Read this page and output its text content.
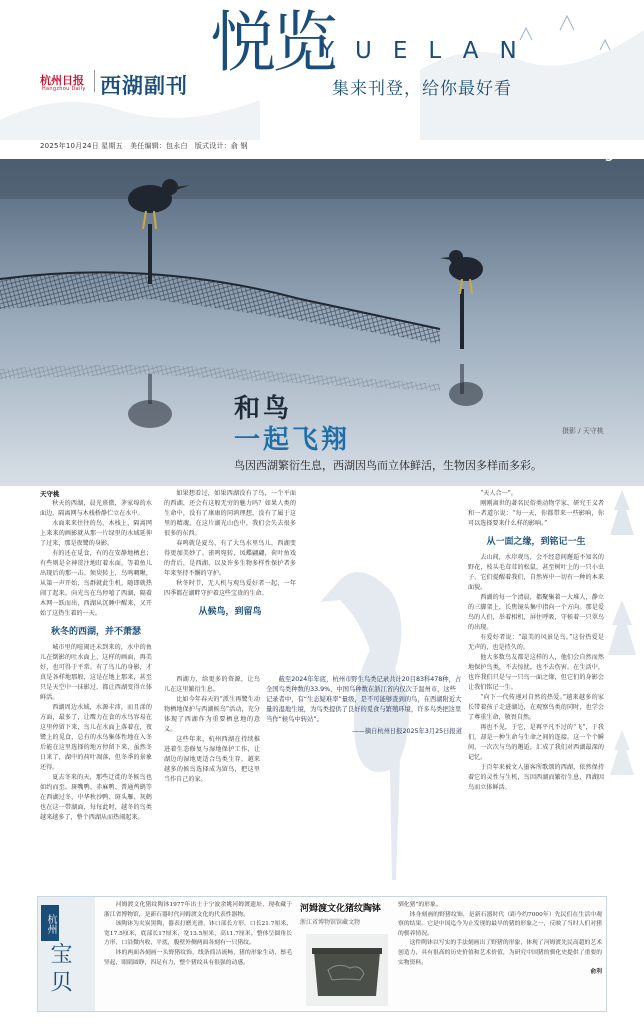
杭州日报
Hangzhou Daily 西湖副刊
悦览
YUELAN
集来刊登，给你最好看
2025年10月24日 星期五　美任编辑：包永白　版式设计：俞 钢	9
摄影 / 天守桃
和鸟
一起飞翔
鸟因西湖繁衍生息，西湖因鸟而立体鲜活，生物因多样而多彩。
天守桃

秋天的西湖，晨光熹微，茅家埠的水面边，隔离网与木栈桥静伫立在水中。

水面来来往往的鸟，木栈上，隔离网上来来的画影就从那一片绿里的水域延伸了过来，那是夜鹭的身影。

有的还在觅食，有的在安静地栖息；有些则是全神贯注地盯着水面，等着鱼儿出现后的那一击。须臾转上，鸟鸣啁啾，从第一声开始，鸟群就此生机，随即就热闹了起来。向光鸟在鸟停嘻了西湖，隔着木网一跃而出，西湖从沉睡中醒来，又开始了这热生着的一天。

秋冬的西湖，并不萧瑟

城市里的喧闹还未到来的，水中的鱼儿在倒影的吐水面上，这样的画面，再美好，也可得于平常。有了鸟儿的身影，才真是各样地那般，这是在地上那来，甚至只是天空中一抹影过，都让西湖变得立体鲜活。

西湖周边水域，水源丰沛，而且漾的方面，最多了，让鹰力在食的水鸟容易在这里停留下来，鸟儿在水面上落着在，夜鹭上的觅食，总有的水鸟集体性地在入冬后能在这里选择的地方停留下来，虽然冬日来了，湖中的荷叶凋落，但冬季的景象还得。

夏去冬来的天，那些迁徙的冬候鸟也如约而至。斑嘴鸭、赤麻鸭、普通鸬鹚等在西湖过冬，中华秋沙鸭、斑头雁、灰鹤也在这一带湖面，每每此时，越冬的鸟类越来越多了，整个西湖从而热闹起来。

如果想看过，如果西湖没有了鸟，一个平面的西湖，还会有这般无穷的魅力吗？如果人类的生命中，没有了康康的同鸿理想，没有了属于这里的精魂，在这片湖光山色中，我们会失去很多很多的东西。

春鸣就是夏鸟，有了大鸟水里鸟儿，西湖变得更加美妙了。雀鸣宛转，凤蝶翩翩，荷叶鱼戏的背后，是西湖，以及许多生物多样性保护者多年来坚持不懈的守护。

秋冬时节，无人机与观鸟爱好者一起，一年四季都在湖畔守护着这些宝贵的生命。

从候鸟，到留鸟

西湖力，给更多的资源，让鸟儿在这里繁衍生息。

比如今年春天的“派生再鹭生动物栖地保护与西湖候鸟”活动，充分体现了西湖作为重要栖息地的意义。

这些年来，杭州西湖在持续推进着生态修复与湿地保护工作，让湖边的湿地更适合鸟类生存，越来越多的候鸟选择成为留鸟，把这里当作自己的家。

截至2024年年底，杭州市野生鸟类记录共计20目83科478种，占全国鸟类种数的33.9%，中国鸟种数在浙江省内仅次于温州市，这些记录者中，有“生态疑难率”量级，是不可能够查到的鸟，在西湖附近大量的湿地生境，为鸟类提供了良好的觅食与繁殖环境，许多鸟类把这里当作“候鸟中转站”。

——摘自杭州日报2025年3月25日报道

“天人合一”。

刚刚离世的著名民俗类动物学家、研究王义者和一者道尔说：“每一天，你都带来一些影响，你可以选择要来什么样的影响。”

从一面之缘，到铭记一生

去山间，水岸观鸟，会不经意间邂逅不知名的野花，枝头毛茸茸的松鼠，甚至树叶上的一只小虫子，它们提醒着我们，自然界中一切有一种的本来面貌。

西湖的每一个清晨，都聚集着一大堆人，静立的三脚架上，长焦镜头集中指向一个方向。那是爱鸟的人们，举着相机，屏住呼吸，守候着一只翠鸟的出现。

有爱好者说：“最美的风景是鸟。”这份热爱是无声的，也是持久的。

他大多数鸟友都是这样的人，他们会自然而然地保护鸟类，不去惊扰，也不去伤害。在生活中，也许我们只是与一只鸟一面之缘，但它们的身影会让我们铭记一生。

“向下一代传递对自然的热爱。”越来越多的家长带着孩子走进湖边，在观察鸟类的同时，也学会了尊重生命、敬畏自然。

再也不见，于它，是再平凡不过的“飞”，于我们，却是一种生命与生命之间的连接。这一个个瞬间，一次次与鸟的邂逅，汇成了我们对西湖最深的记忆。

于百年来被文人墨客所歌颂的西湖，依然保持着它的灵性与生机，鸟因西湖而繁衍生息，西湖因鸟而立体鲜活。

杭州
宝贝

河姆渡文化猪纹陶钵1977年出土于宁波余姚河姆渡遗址，现收藏于浙江省博物馆，是新石器时代河姆渡文化的代表性器物。

该陶钵为夹炭黑陶，器表打磨光滑，钵口部长方形，口长21.7厘米、宽17.5厘米，底部长17厘米、宽13.5厘米，高11.7厘米。整体呈圆角长方形，口沿微内收，平底，腹壁外侧两面各刻有一只猪纹。

钵的两面各刻画一头野猪纹饰，线条简洁流畅，猪的形象生动，鬃毛竖起，眼睛圆睁，四足有力，整个猪纹具有很强的动感。

河姆渡文化猪纹陶钵
浙江省博物馆馆藏文物

驯化猪”的形象。

钵身刻画的野猪纹饰，是新石器时代（距今约7000年）先民们在生活中观察的结果。它是中国迄今为止发现的最早的猪的形象之一，反映了当时人们对猪的驯养情况。

这件陶钵以写实的手法刻画出了野猪的形象，体现了河姆渡先民高超的艺术创造力，具有很高的历史价值和艺术价值，为研究中国猪的驯化史提供了重要的实物资料。

俞利
